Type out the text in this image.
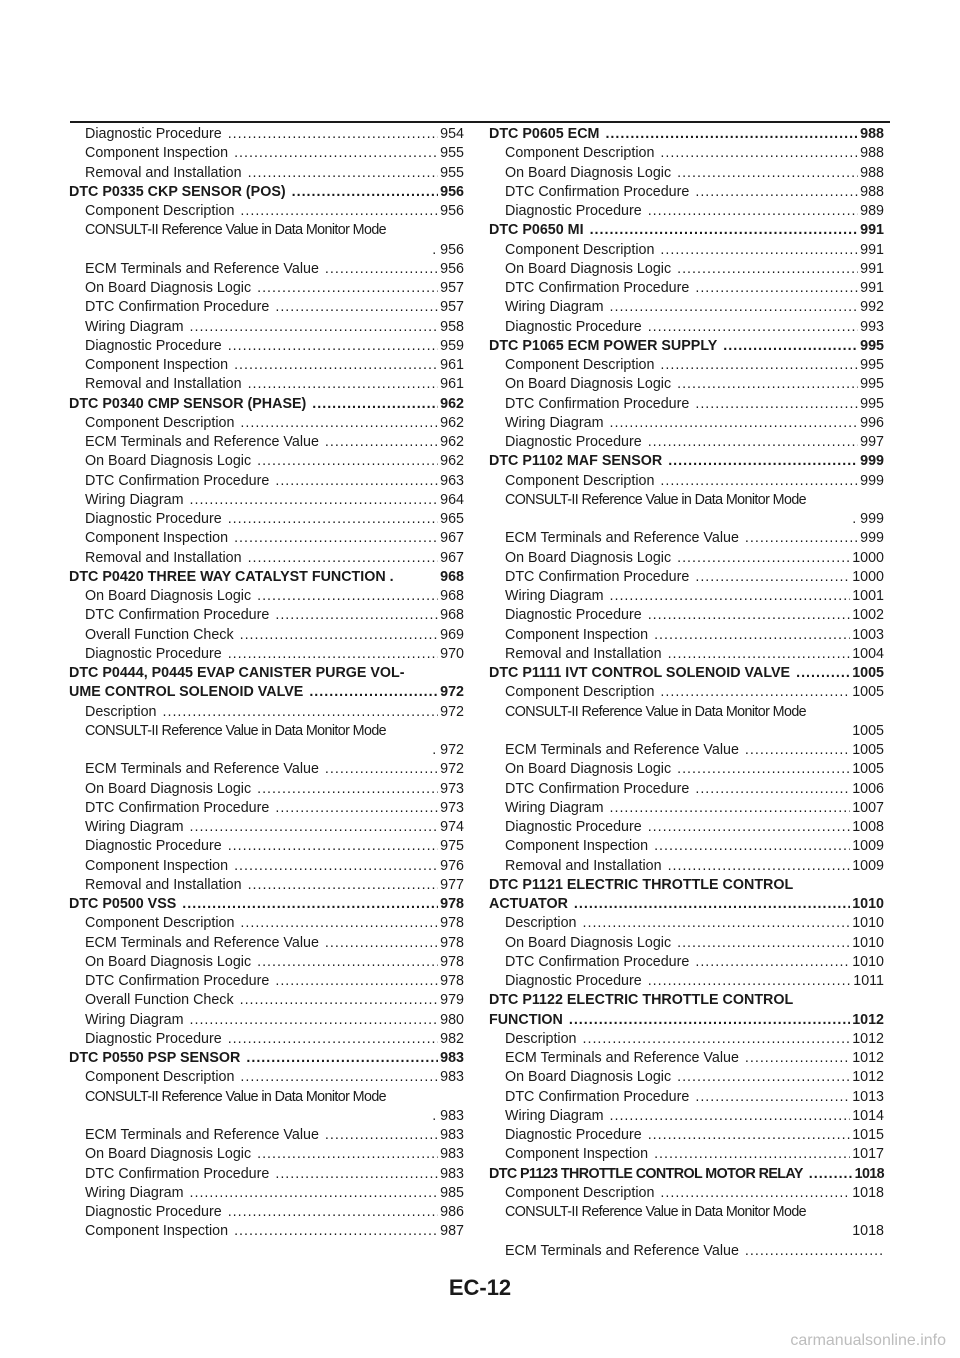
Diagnostic Procedure .....	954
Component Inspection .....	955
Removal and Installation .....	955
DTC P0335 CKP SENSOR (POS) .....	956
Component Description .....	956
CONSULT-II Reference Value in Data Monitor Mode
. 956
ECM Terminals and Reference Value .....	956
On Board Diagnosis Logic .....	957
DTC Confirmation Procedure .....	957
Wiring Diagram .....	958
Diagnostic Procedure .....	959
Component Inspection .....	961
Removal and Installation .....	961
DTC P0340 CMP SENSOR (PHASE) .....	962
Component Description .....	962
ECM Terminals and Reference Value .....	962
On Board Diagnosis Logic .....	962
DTC Confirmation Procedure .....	963
Wiring Diagram .....	964
Diagnostic Procedure .....	965
Component Inspection .....	967
Removal and Installation .....	967
DTC P0420 THREE WAY CATALYST FUNCTION .	968
On Board Diagnosis Logic .....	968
DTC Confirmation Procedure .....	968
Overall Function Check .....	969
Diagnostic Procedure .....	970
DTC P0444, P0445 EVAP CANISTER PURGE VOL-
UME CONTROL SOLENOID VALVE .....	972
Description .....	972
CONSULT-II Reference Value in Data Monitor Mode
. 972
ECM Terminals and Reference Value .....	972
On Board Diagnosis Logic .....	973
DTC Confirmation Procedure .....	973
Wiring Diagram .....	974
Diagnostic Procedure .....	975
Component Inspection .....	976
Removal and Installation .....	977
DTC P0500 VSS .....	978
Component Description .....	978
ECM Terminals and Reference Value .....	978
On Board Diagnosis Logic .....	978
DTC Confirmation Procedure .....	978
Overall Function Check .....	979
Wiring Diagram .....	980
Diagnostic Procedure .....	982
DTC P0550 PSP SENSOR .....	983
Component Description .....	983
CONSULT-II Reference Value in Data Monitor Mode
. 983
ECM Terminals and Reference Value .....	983
On Board Diagnosis Logic .....	983
DTC Confirmation Procedure .....	983
Wiring Diagram .....	985
Diagnostic Procedure .....	986
Component Inspection .....	987
DTC P0605 ECM .....	988
Component Description .....	988
On Board Diagnosis Logic .....	988
DTC Confirmation Procedure .....	988
Diagnostic Procedure .....	989
DTC P0650 MI .....	991
Component Description .....	991
On Board Diagnosis Logic .....	991
DTC Confirmation Procedure .....	991
Wiring Diagram .....	992
Diagnostic Procedure .....	993
DTC P1065 ECM POWER SUPPLY .....	995
Component Description .....	995
On Board Diagnosis Logic .....	995
DTC Confirmation Procedure .....	995
Wiring Diagram .....	996
Diagnostic Procedure .....	997
DTC P1102 MAF SENSOR .....	999
Component Description .....	999
CONSULT-II Reference Value in Data Monitor Mode
. 999
ECM Terminals and Reference Value .....	999
On Board Diagnosis Logic .....	1000
DTC Confirmation Procedure .....	1000
Wiring Diagram .....	1001
Diagnostic Procedure .....	1002
Component Inspection .....	1003
Removal and Installation .....	1004
DTC P1111 IVT CONTROL SOLENOID VALVE .....	1005
Component Description .....	1005
CONSULT-II Reference Value in Data Monitor Mode
1005
ECM Terminals and Reference Value .....	1005
On Board Diagnosis Logic .....	1005
DTC Confirmation Procedure .....	1006
Wiring Diagram .....	1007
Diagnostic Procedure .....	1008
Component Inspection .....	1009
Removal and Installation .....	1009
DTC P1121 ELECTRIC THROTTLE CONTROL
ACTUATOR .....	1010
Description .....	1010
On Board Diagnosis Logic .....	1010
DTC Confirmation Procedure .....	1010
Diagnostic Procedure .....	1011
DTC P1122 ELECTRIC THROTTLE CONTROL
FUNCTION .....	1012
Description .....	1012
ECM Terminals and Reference Value .....	1012
On Board Diagnosis Logic .....	1012
DTC Confirmation Procedure .....	1013
Wiring Diagram .....	1014
Diagnostic Procedure .....	1015
Component Inspection .....	1017
DTC P1123 THROTTLE CONTROL MOTOR RELAY .....	1018
Component Description .....	1018
CONSULT-II Reference Value in Data Monitor Mode
1018
ECM Terminals and Reference Value
.....
EC-12
carmanualsonline.info
